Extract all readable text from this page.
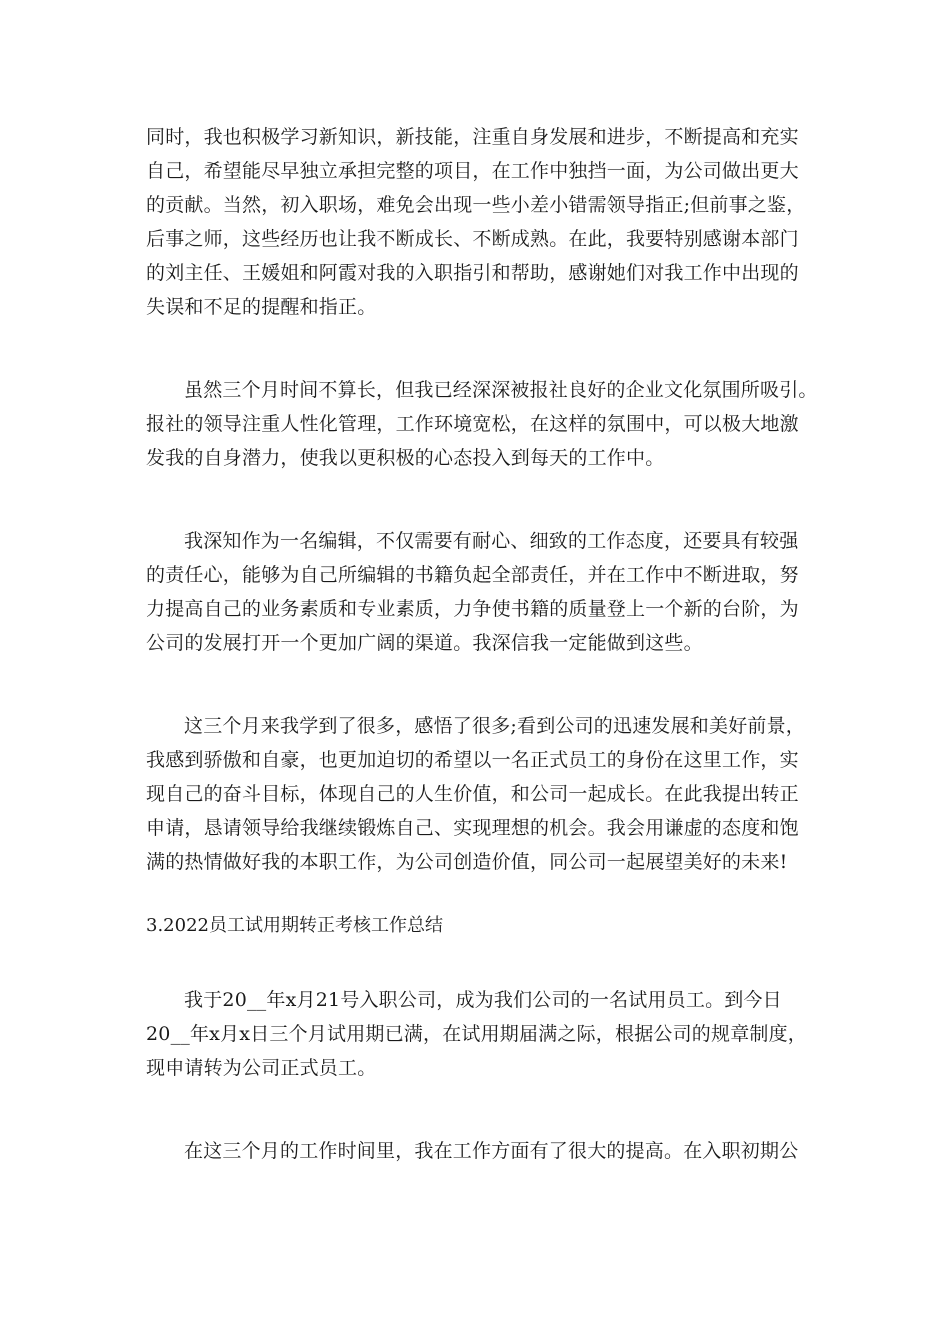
同时，我也积极学习新知识，新技能，注重自身发展和进步，不断提高和充实
自己，希望能尽早独立承担完整的项目，在工作中独挡一面，为公司做出更大
的贡献。当然，初入职场，难免会出现一些小差小错需领导指正;但前事之鉴，
后事之师，这些经历也让我不断成长、不断成熟。在此，我要特别感谢本部门
的刘主任、王媛姐和阿霞对我的入职指引和帮助，感谢她们对我工作中出现的
失误和不足的提醒和指正。
虽然三个月时间不算长，但我已经深深被报社良好的企业文化氛围所吸引。
报社的领导注重人性化管理，工作环境宽松，在这样的氛围中，可以极大地激
发我的自身潜力，使我以更积极的心态投入到每天的工作中。
我深知作为一名编辑，不仅需要有耐心、细致的工作态度，还要具有较强
的责任心，能够为自己所编辑的书籍负起全部责任，并在工作中不断进取，努
力提高自己的业务素质和专业素质，力争使书籍的质量登上一个新的台阶，为
公司的发展打开一个更加广阔的渠道。我深信我一定能做到这些。
这三个月来我学到了很多，感悟了很多;看到公司的迅速发展和美好前景，
我感到骄傲和自豪，也更加迫切的希望以一名正式员工的身份在这里工作，实
现自己的奋斗目标，体现自己的人生价值，和公司一起成长。在此我提出转正
申请，恳请领导给我继续锻炼自己、实现理想的机会。我会用谦虚的态度和饱
满的热情做好我的本职工作，为公司创造价值，同公司一起展望美好的未来!
3.2022员工试用期转正考核工作总结
我于20__年x月21号入职公司，成为我们公司的一名试用员工。到今日
20__年x月x日三个月试用期已满，在试用期届满之际，根据公司的规章制度，
现申请转为公司正式员工。
在这三个月的工作时间里，我在工作方面有了很大的提高。在入职初期公
